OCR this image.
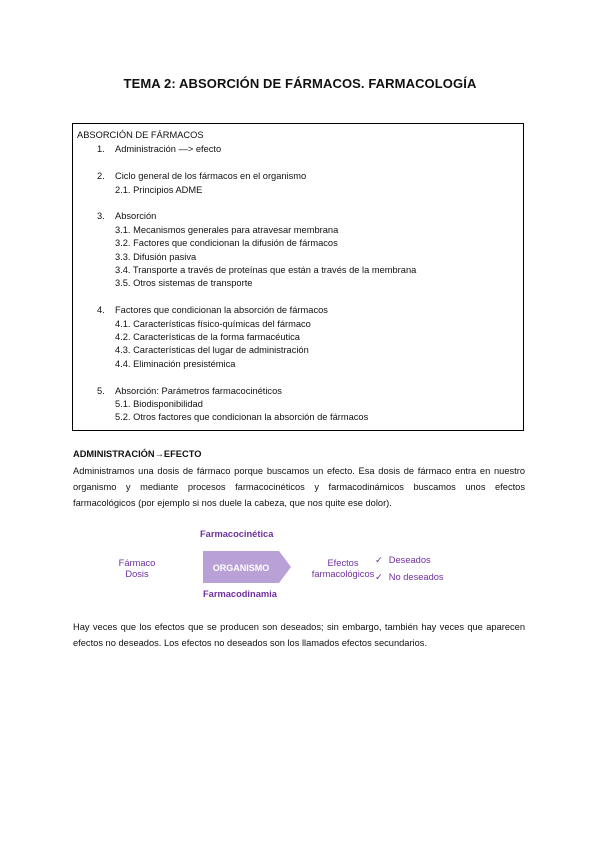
TEMA 2: ABSORCIÓN DE FÁRMACOS. FARMACOLOGÍA
ABSORCIÓN DE FÁRMACOS
1. Administración —> efecto
2. Ciclo general de los fármacos en el organismo
2.1. Principios ADME
3. Absorción
3.1. Mecanismos generales para atravesar membrana
3.2. Factores que condicionan la difusión de fármacos
3.3. Difusión pasiva
3.4. Transporte a través de proteínas que están a través de la membrana
3.5. Otros sistemas de transporte
4. Factores que condicionan la absorción de fármacos
4.1. Características físico-químicas del fármaco
4.2. Características de la forma farmacéutica
4.3. Características del lugar de administración
4.4. Eliminación presistémica
5. Absorción: Parámetros farmacocinéticos
5.1. Biodisponibilidad
5.2. Otros factores que condicionan la absorción de fármacos
ADMINISTRACIÓN→EFECTO
Administramos una dosis de fármaco porque buscamos un efecto. Esa dosis de fármaco entra en nuestro organismo y mediante procesos farmacocinéticos y farmacodinámicos buscamos unos efectos farmacológicos (por ejemplo si nos duele la cabeza, que nos quite ese dolor).
Farmacocinética
Fármaco
Dosis
ORGANISMO	Efectos
farmacológicos
✓ Deseados
✓ No deseados
Farmacodinamia
Hay veces que los efectos que se producen son deseados; sin embargo, también hay veces que aparecen efectos no deseados. Los efectos no deseados son los llamados efectos secundarios.
